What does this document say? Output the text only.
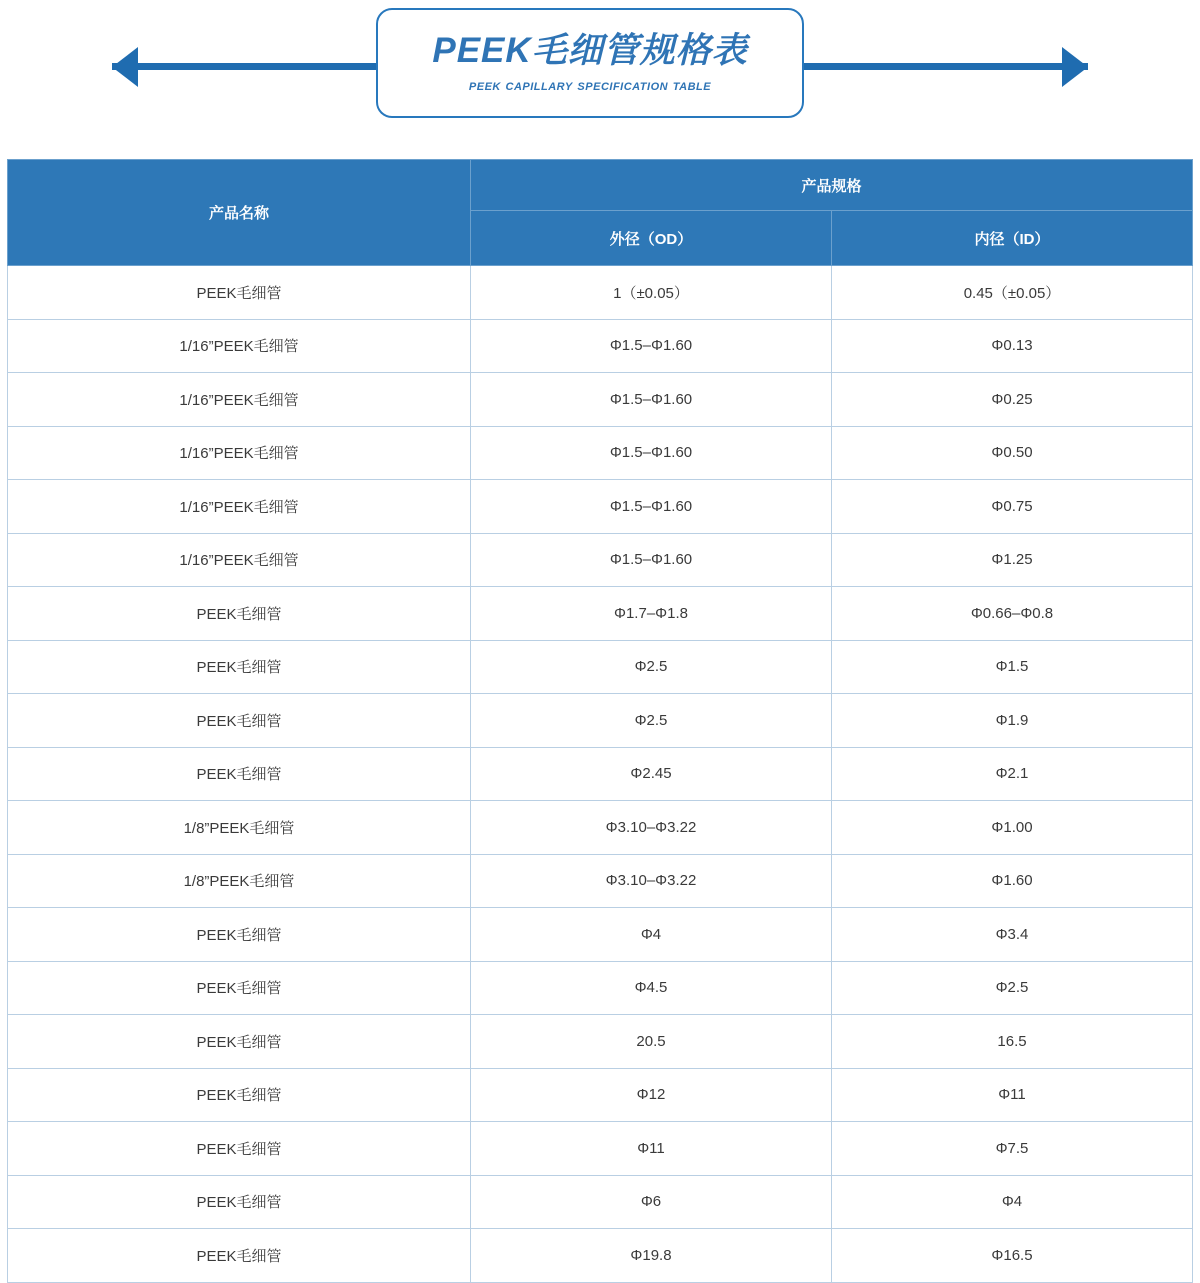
PEEK毛细管规格表
peek capillary specification table
产品名称	产品规格	
	外径（OD）	内径（ID）
PEEK毛细管	1（±0.05）	0.45（±0.05）
1/16”PEEK毛细管	Φ1.5–Φ1.60	Φ0.13
1/16”PEEK毛细管	Φ1.5–Φ1.60	Φ0.25
1/16”PEEK毛细管	Φ1.5–Φ1.60	Φ0.50
1/16”PEEK毛细管	Φ1.5–Φ1.60	Φ0.75
1/16”PEEK毛细管	Φ1.5–Φ1.60	Φ1.25
PEEK毛细管	Φ1.7–Φ1.8	Φ0.66–Φ0.8
PEEK毛细管	Φ2.5	Φ1.5
PEEK毛细管	Φ2.5	Φ1.9
PEEK毛细管	Φ2.45	Φ2.1
1/8”PEEK毛细管	Φ3.10–Φ3.22	Φ1.00
1/8”PEEK毛细管	Φ3.10–Φ3.22	Φ1.60
PEEK毛细管	Φ4	Φ3.4
PEEK毛细管	Φ4.5	Φ2.5
PEEK毛细管	20.5	16.5
PEEK毛细管	Φ12	Φ11
PEEK毛细管	Φ11	Φ7.5
PEEK毛细管	Φ6	Φ4
PEEK毛细管	Φ19.8	Φ16.5
